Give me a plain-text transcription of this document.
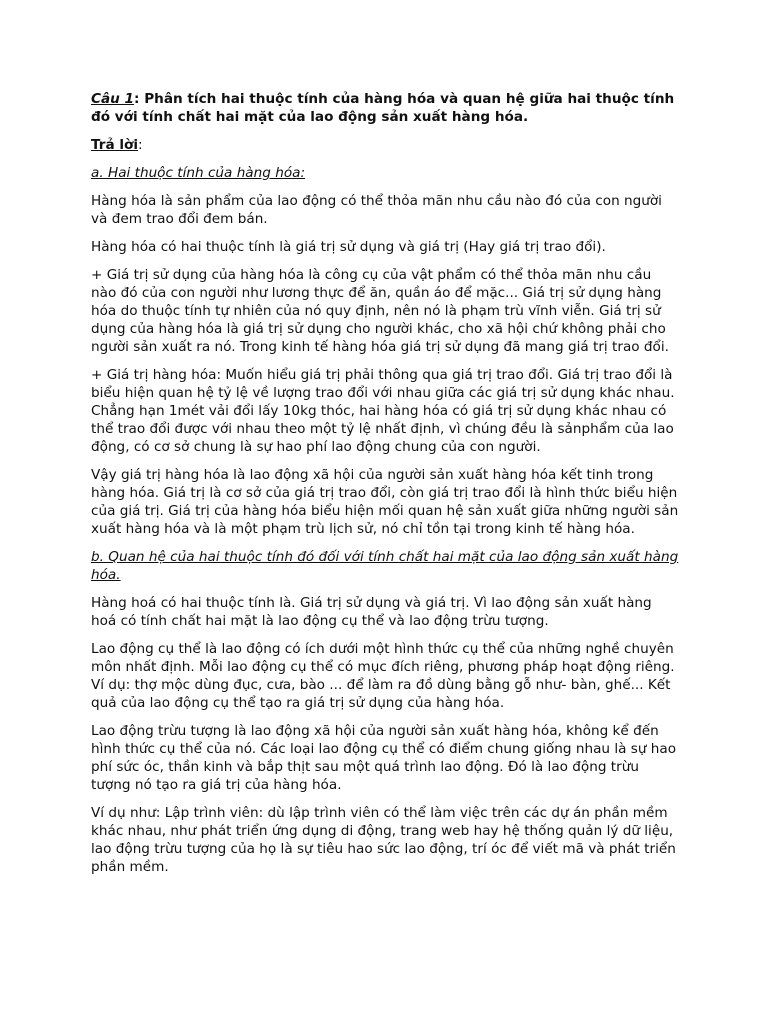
Câu 1: Phân tích hai thuộc tính của hàng hóa và quan hệ giữa hai thuộc tính đó với tính chất hai mặt của lao động sản xuất hàng hóa.

Trả lời:

a. Hai thuộc tính của hàng hóa:

Hàng hóa là sản phẩm của lao động có thể thỏa mãn nhu cầu nào đó của con người và đem trao đổi đem bán.

Hàng hóa có hai thuộc tính là giá trị sử dụng và giá trị (Hay giá trị trao đổi).

+ Giá trị sử dụng của hàng hóa là công cụ của vật phẩm có thể thỏa mãn nhu cầu nào đó của con người như lương thực để ăn, quần áo để mặc... Giá trị sử dụng hàng hóa do thuộc tính tự nhiên của nó quy định, nên nó là phạm trù vĩnh viễn. Giá trị sử dụng của hàng hóa là giá trị sử dụng cho người khác, cho xã hội chứ không phải cho người sản xuất ra nó. Trong kinh tế hàng hóa giá trị sử dụng đã mang giá trị trao đổi.

+ Giá trị hàng hóa: Muốn hiểu giá trị phải thông qua giá trị trao đổi. Giá trị trao đổi là biểu hiện quan hệ tỷ lệ về lượng trao đổi với nhau giữa các giá trị sử dụng khác nhau. Chẳng hạn 1mét vải đổi lấy 10kg thóc, hai hàng hóa có giá trị sử dụng khác nhau có thể trao đổi được với nhau theo một tỷ lệ nhất định, vì chúng đều là sảnphẩm của lao động, có cơ sở chung là sự hao phí lao động chung của con người.

Vậy giá trị hàng hóa là lao động xã hội của người sản xuất hàng hóa kết tinh trong hàng hóa. Giá trị là cơ sở của giá trị trao đổi, còn giá trị trao đổi là hình thức biểu hiện của giá trị. Giá trị của hàng hóa biểu hiện mối quan hệ sản xuất giữa những người sản xuất hàng hóa và là một phạm trù lịch sử, nó chỉ tồn tại trong kinh tế hàng hóa.

b. Quan hệ của hai thuộc tính đó đối với tính chất hai mặt của lao động sản xuất hàng hóa.

Hàng hoá có hai thuộc tính là. Giá trị sử dụng và giá trị. Vì lao động sản xuất hàng hoá có tính chất hai mặt là lao động cụ thể và lao động trừu tượng.

Lao động cụ thể là lao động có ích dưới một hình thức cụ thể của những nghề chuyên môn nhất định. Mỗi lao động cụ thể có mục đích riêng, phương pháp hoạt động riêng. Ví dụ: thợ mộc dùng đục, cưa, bào ... để làm ra đồ dùng bằng gỗ như- bàn, ghế... Kết quả của lao động cụ thể tạo ra giá trị sử dụng của hàng hóa.

Lao động trừu tượng là lao động xã hội của người sản xuất hàng hóa, không kể đến hình thức cụ thể của nó. Các loại lao động cụ thể có điểm chung giống nhau là sự hao phí sức óc, thần kinh và bắp thịt sau một quá trình lao động. Đó là lao động trừu tượng nó tạo ra giá trị của hàng hóa.

Ví dụ như: Lập trình viên: dù lập trình viên có thể làm việc trên các dự án phần mềm khác nhau, như phát triển ứng dụng di động, trang web hay hệ thống quản lý dữ liệu, lao động trừu tượng của họ là sự tiêu hao sức lao động, trí óc để viết mã và phát triển phần mềm.
